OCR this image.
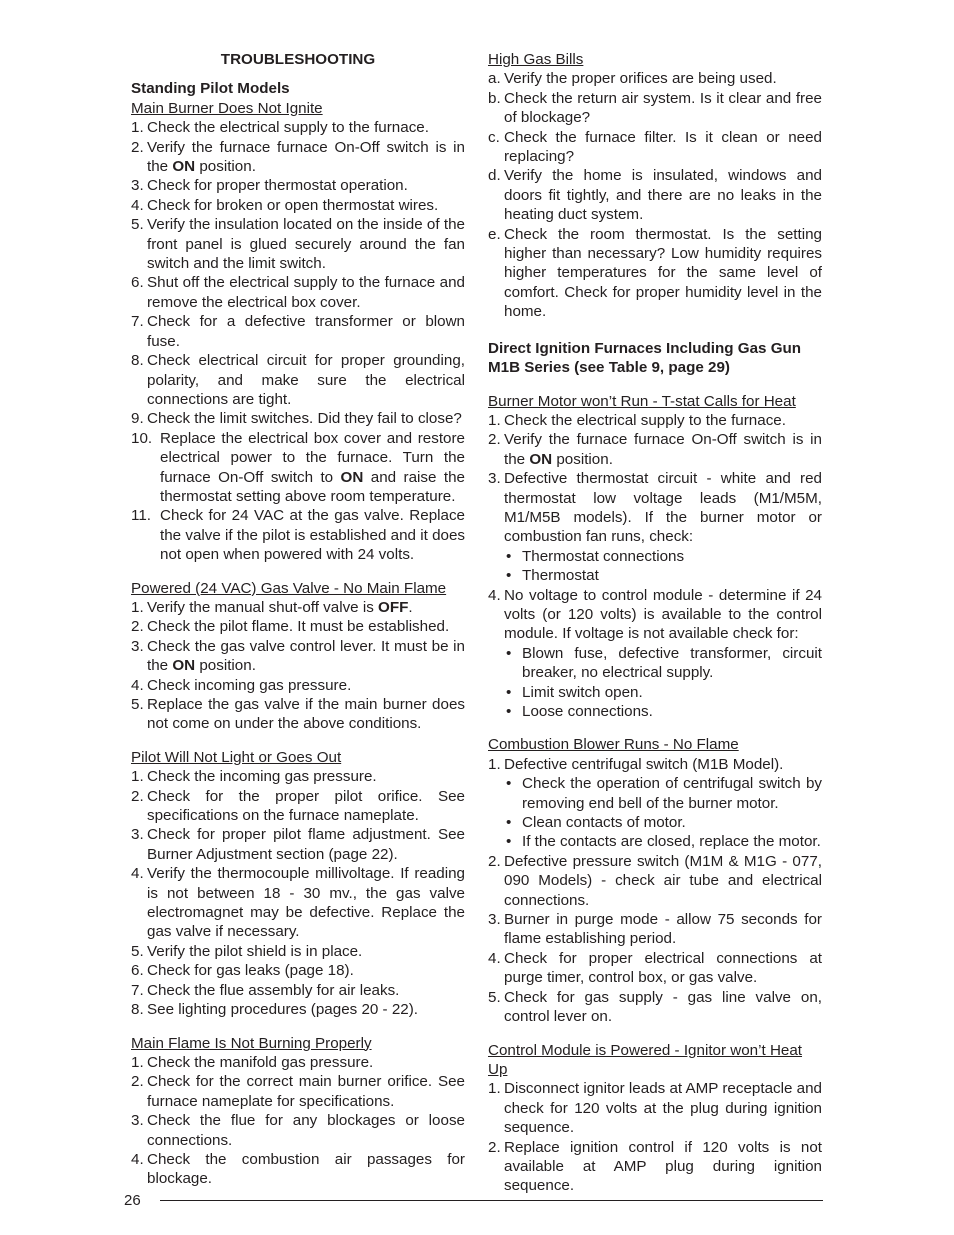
TROUBLESHOOTING

Standing Pilot Models

Main Burner Does Not Ignite

1. Check the electrical supply to the furnace.
2. Verify the furnace furnace On-Off switch is in the ON position.
3. Check for proper thermostat operation.
4. Check for broken or open thermostat wires.
5. Verify the insulation located on the inside of the front panel is glued securely around the fan switch and the limit switch.
6. Shut off the electrical supply to the furnace and remove the electrical box cover.
7. Check for a defective transformer or blown fuse.
8. Check electrical circuit for proper grounding, polarity, and make sure the electrical connections are tight.
9. Check the limit switches. Did they fail to close?
10. Replace the electrical box cover and restore electrical power to the furnace. Turn the furnace On-Off switch to ON and raise the thermostat setting above room temperature.
11. Check for 24 VAC at the gas valve. Replace the valve if the pilot is established and it does not open when powered with 24 volts.

Powered (24 VAC) Gas Valve - No Main Flame

1. Verify the manual shut-off valve is OFF.
2. Check the pilot flame. It must be established.
3. Check the gas valve control lever. It must be in the ON position.
4. Check incoming gas pressure.
5. Replace the gas valve if the main burner does not come on under the above conditions.

Pilot Will Not Light or Goes Out

1. Check the incoming gas pressure.
2. Check for the proper pilot orifice. See specifications on the furnace nameplate.
3. Check for proper pilot flame adjustment. See Burner Adjustment section (page 22).
4. Verify the thermocouple millivoltage. If reading is not between 18 - 30 mv., the gas valve electromagnet may be defective. Replace the gas valve if necessary.
5. Verify the pilot shield is in place.
6. Check for gas leaks (page 18).
7. Check the flue assembly for air leaks.
8. See lighting procedures (pages 20 - 22).

Main Flame Is Not Burning Properly

1. Check the manifold gas pressure.
2. Check for the correct main burner orifice. See furnace nameplate for specifications.
3. Check the flue for any blockages or loose connections.
4. Check the combustion air passages for blockage.

High Gas Bills

a. Verify the proper orifices are being used.
b. Check the return air system. Is it clear and free of blockage?
c. Check the furnace filter. Is it clean or need replacing?
d. Verify the home is insulated, windows and doors fit tightly, and there are no leaks in the heating duct system.
e. Check the room thermostat. Is the setting higher than necessary? Low humidity requires higher temperatures for the same level of comfort. Check for proper humidity level in the home.

Direct Ignition Furnaces Including Gas Gun M1B Series (see Table 9, page 29)

Burner Motor won’t Run - T-stat Calls for Heat

1. Check the electrical supply to the furnace.
2. Verify the furnace furnace On-Off switch is in the ON position.
3. Defective thermostat circuit - white and red thermostat low voltage leads (M1/M5M, M1/M5B models). If the burner motor or combustion fan runs, check:
•
Thermostat connections
•
Thermostat
4. No voltage to control module - determine if 24 volts (or 120 volts) is available to the control module. If voltage is not available check for:
•
Blown fuse, defective transformer, circuit breaker, no electrical supply.
•
Limit switch open.
•
Loose connections.

Combustion Blower Runs - No Flame

1. Defective centrifugal switch (M1B Model).
•
Check the operation of centrifugal switch by removing end bell of the burner motor.
•
Clean contacts of motor.
•
If the contacts are closed, replace the motor.
2. Defective pressure switch (M1M & M1G - 077, 090 Models) - check air tube and electrical connections.
3. Burner in purge mode - allow 75 seconds for flame establishing period.
4. Check for proper electrical connections at purge timer, control box, or gas valve.
5. Check for gas supply - gas line valve on, control lever on.

Control Module is Powered - Ignitor won’t Heat Up

1. Disconnect ignitor leads at AMP receptacle and check for 120 volts at the plug during ignition sequence.
2. Replace ignition control if 120 volts is not available at AMP plug during ignition sequence.
26
